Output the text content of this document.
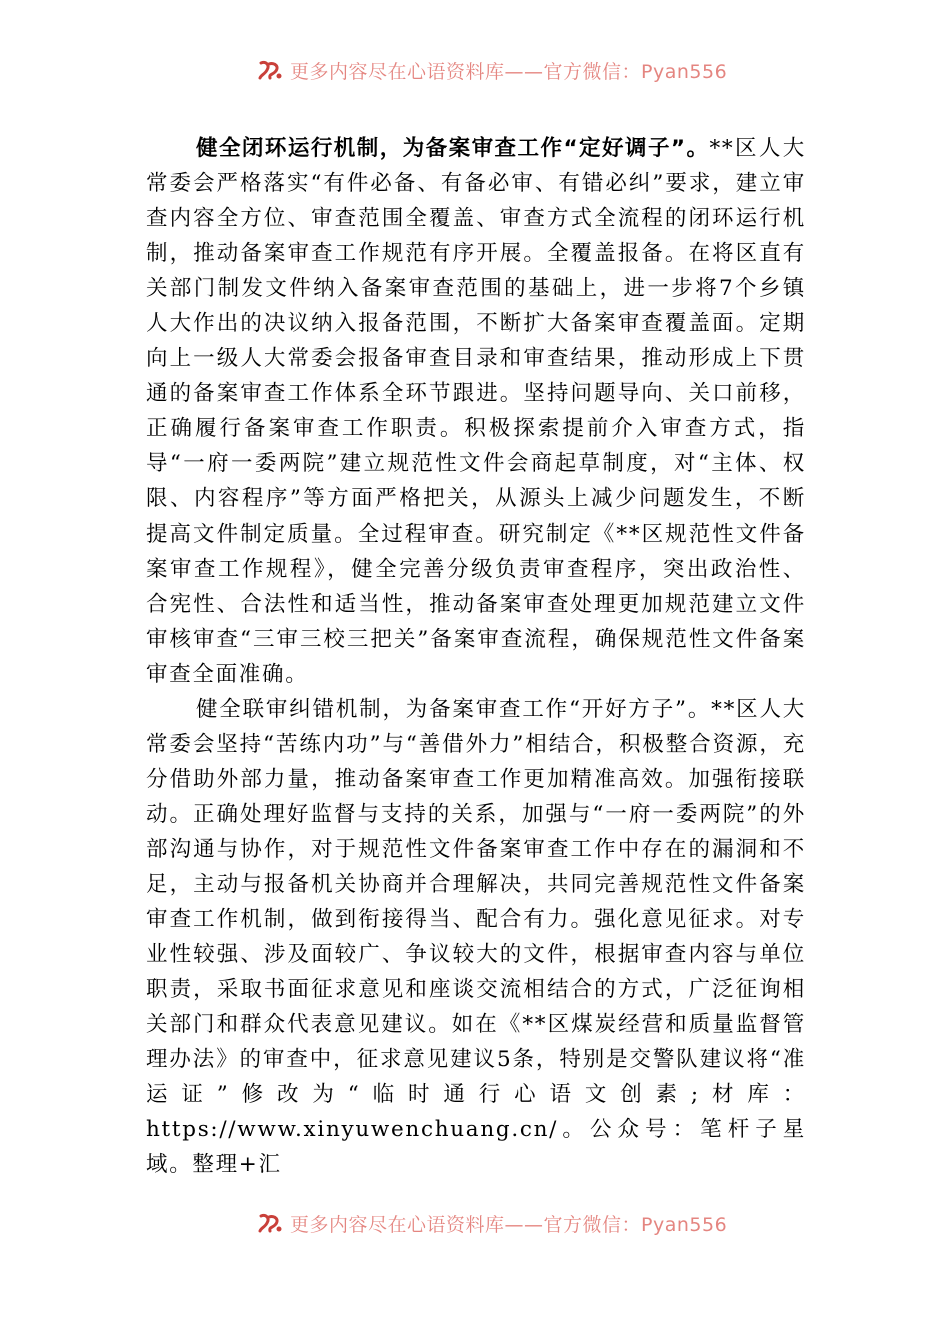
更多内容尽在心语资料库——官方微信：Pyan556

健全闭环运行机制，为备案审查工作“定好调子”。**区人大常委会严格落实“有件必备、有备必审、有错必纠”要求，建立审查内容全方位、审查范围全覆盖、审查方式全流程的闭环运行机制，推动备案审查工作规范有序开展。全覆盖报备。在将区直有关部门制发文件纳入备案审查范围的基础上，进一步将7个乡镇人大作出的决议纳入报备范围，不断扩大备案审查覆盖面。定期向上一级人大常委会报备审查目录和审查结果，推动形成上下贯通的备案审查工作体系全环节跟进。坚持问题导向、关口前移，正确履行备案审查工作职责。积极探索提前介入审查方式，指导“一府一委两院”建立规范性文件会商起草制度，对“主体、权限、内容程序”等方面严格把关，从源头上减少问题发生，不断提高文件制定质量。全过程审查。研究制定《**区规范性文件备案审查工作规程》，健全完善分级负责审查程序，突出政治性、合宪性、合法性和适当性，推动备案审查处理更加规范建立文件审核审查“三审三校三把关”备案审查流程，确保规范性文件备案审查全面准确。

健全联审纠错机制，为备案审查工作“开好方子”。**区人大常委会坚持“苦练内功”与“善借外力”相结合，积极整合资源，充分借助外部力量，推动备案审查工作更加精准高效。加强衔接联动。正确处理好监督与支持的关系，加强与“一府一委两院”的外部沟通与协作，对于规范性文件备案审查工作中存在的漏洞和不足，主动与报备机关协商并合理解决，共同完善规范性文件备案审查工作机制，做到衔接得当、配合有力。强化意见征求。对专业性较强、涉及面较广、争议较大的文件，根据审查内容与单位职责，采取书面征求意见和座谈交流相结合的方式，广泛征询相关部门和群众代表意见建议。如在《**区煤炭经营和质量监督管理办法》的审查中，征求意见建议5条，特别是交警队建议将“准运证”修改为“临时通行心语文创素;材库：https://www.xinyuwenchuang.cn/。公众号：笔杆子星域。整理+汇

更多内容尽在心语资料库——官方微信：Pyan556
